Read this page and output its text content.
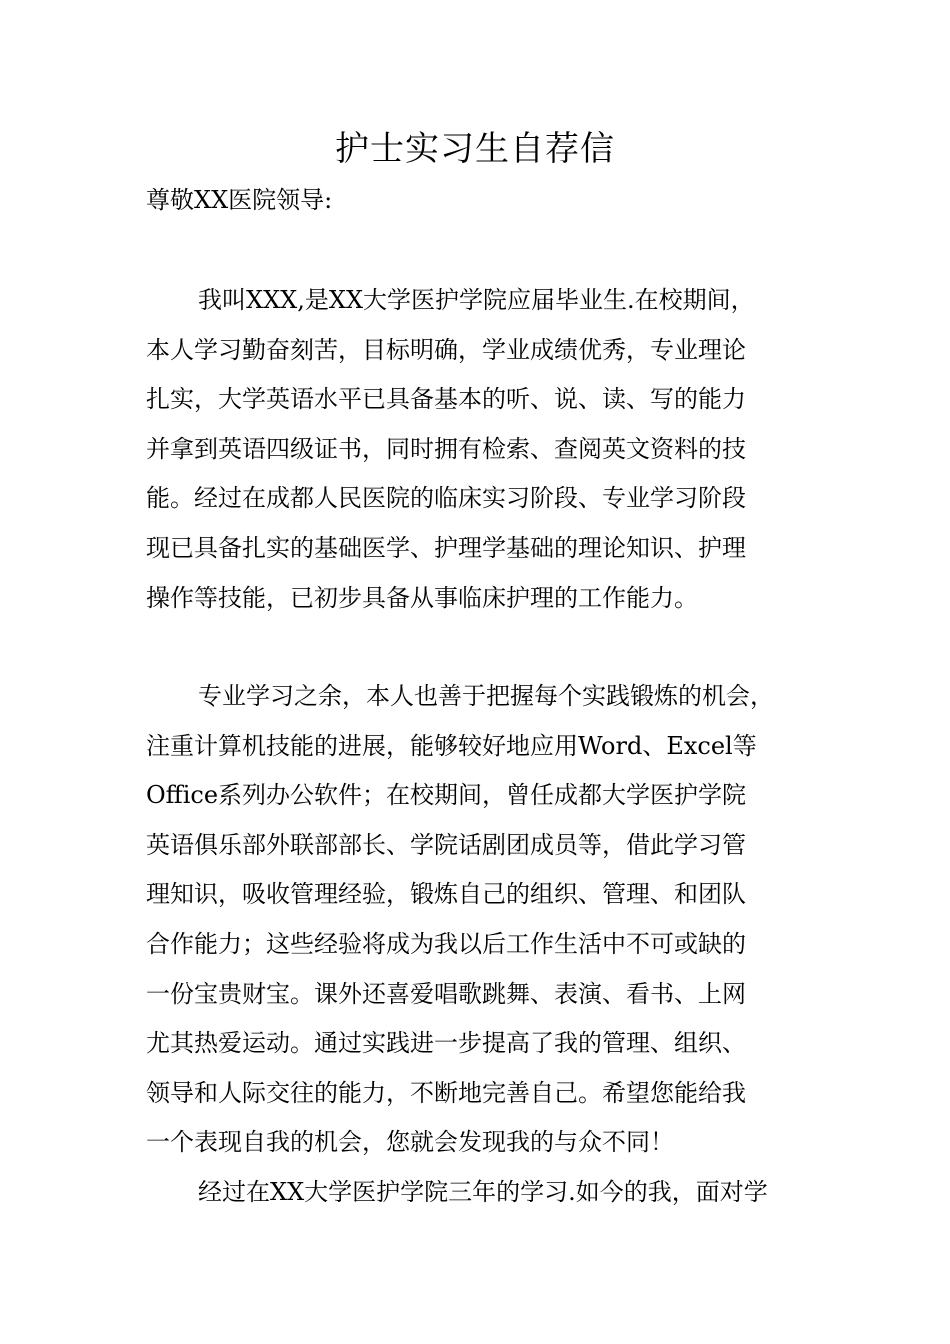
护士实习生自荐信
尊敬XX医院领导:
我叫XXX,是XX大学医护学院应届毕业生.在校期间，
本人学习勤奋刻苦，目标明确，学业成绩优秀，专业理论
扎实，大学英语水平已具备基本的听、说、读、写的能力
并拿到英语四级证书，同时拥有检索、查阅英文资料的技
能。经过在成都人民医院的临床实习阶段、专业学习阶段
现已具备扎实的基础医学、护理学基础的理论知识、护理
操作等技能，已初步具备从事临床护理的工作能力。
专业学习之余，本人也善于把握每个实践锻炼的机会，
注重计算机技能的进展，能够较好地应用Word、Excel等
Office系列办公软件；在校期间，曾任成都大学医护学院
英语俱乐部外联部部长、学院话剧团成员等，借此学习管
理知识，吸收管理经验，锻炼自己的组织、管理、和团队
合作能力；这些经验将成为我以后工作生活中不可或缺的
一份宝贵财宝。课外还喜爱唱歌跳舞、表演、看书、上网
尤其热爱运动。通过实践进一步提高了我的管理、组织、
领导和人际交往的能力，不断地完善自己。希望您能给我
一个表现自我的机会，您就会发现我的与众不同！
经过在XX大学医护学院三年的学习.如今的我，面对学
